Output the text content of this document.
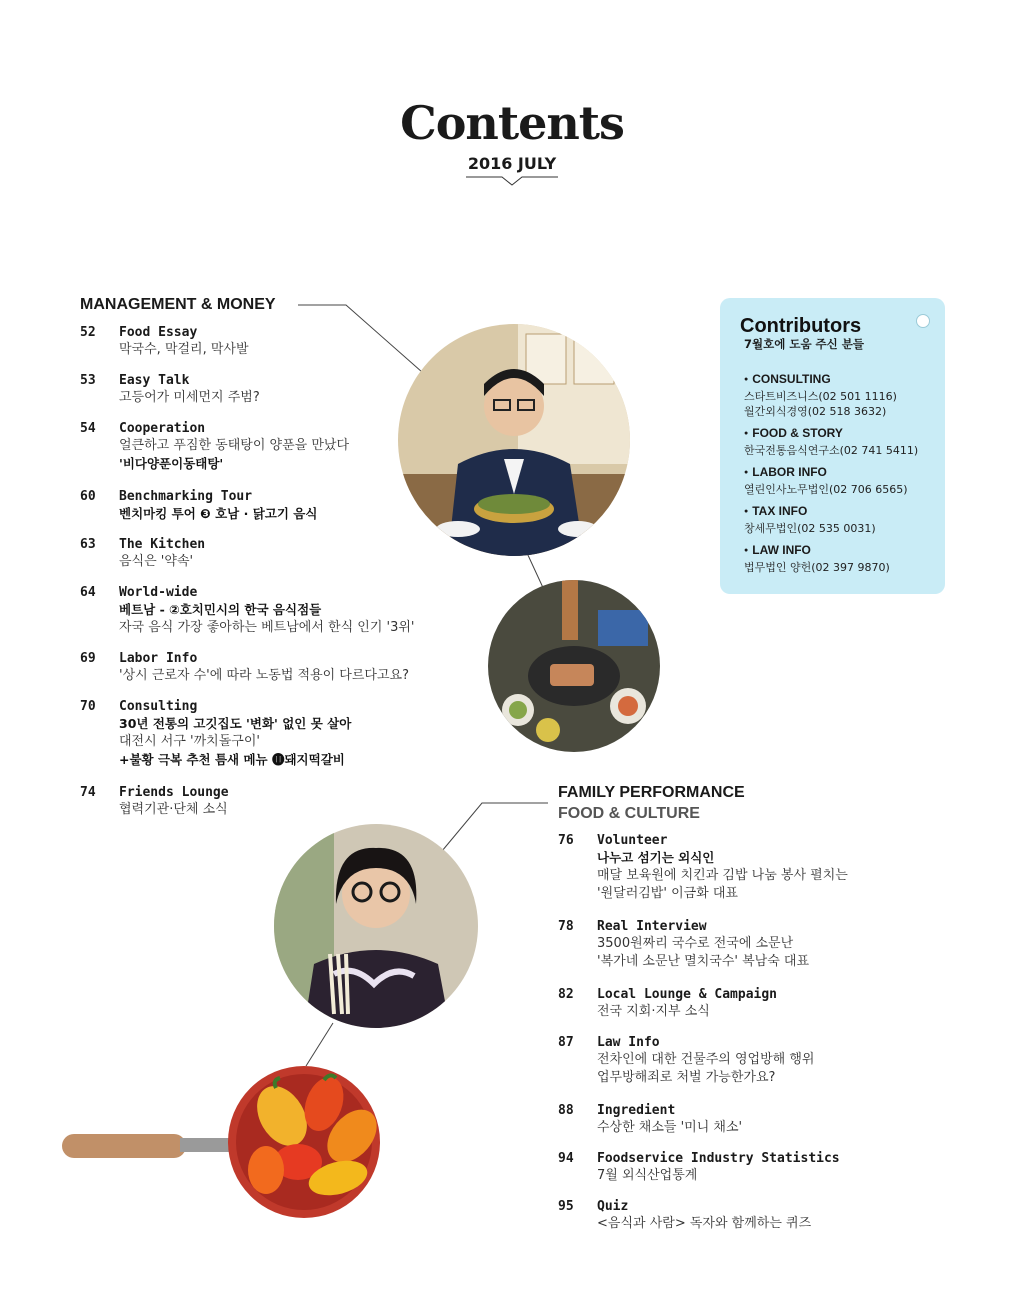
Contents
2016 JULY
MANAGEMENT & MONEY
52	Food Essay
막국수, 막걸리, 막사발
53	Easy Talk
고등어가 미세먼지 주범?
54	Cooperation
얼큰하고 푸짐한 동태탕이 양푼을 만났다
'비다양푼이동태탕'
60	Benchmarking Tour
벤치마킹 투어 ❸ 호남 · 닭고기 음식
63	The Kitchen
음식은 '약속'
64	World-wide
베트남 - ②호치민시의 한국 음식점들
자국 음식 가장 좋아하는 베트남에서 한식 인기 '3위'
69	Labor Info
'상시 근로자 수'에 따라 노동법 적용이 다르다고요?
70	Consulting
30년 전통의 고깃집도 '변화' 없인 못 살아
대전시 서구 '까치돌구이'
+불황 극복 추천 틈새 메뉴 ⓫돼지떡갈비
74	Friends Lounge
협력기관·단체 소식
Contributors
7월호에 도움 주신 분들
● CONSULTING
스타트비즈니스(02 501 1116)
월간외식경영(02 518 3632)
● FOOD & STORY
한국전통음식연구소(02 741 5411)
● LABOR INFO
열린인사노무법인(02 706 6565)
● TAX INFO
창세무법인(02 535 0031)
● LAW INFO
법무법인 양헌(02 397 9870)
FAMILY PERFORMANCE
FOOD & CULTURE
76	Volunteer
나누고 섬기는 외식인
매달 보육원에 치킨과 김밥 나눔 봉사 펼치는
'원달러김밥' 이금화 대표
78	Real Interview
3500원짜리 국수로 전국에 소문난
'복가네 소문난 멸치국수' 복남숙 대표
82	Local Lounge & Campaign
전국 지회·지부 소식
87	Law Info
전차인에 대한 건물주의 영업방해 행위
업무방해죄로 처벌 가능한가요?
88	Ingredient
수상한 채소들 '미니 채소'
94	Foodservice Industry Statistics
7월 외식산업통계
95	Quiz
<음식과 사람> 독자와 함께하는 퀴즈
